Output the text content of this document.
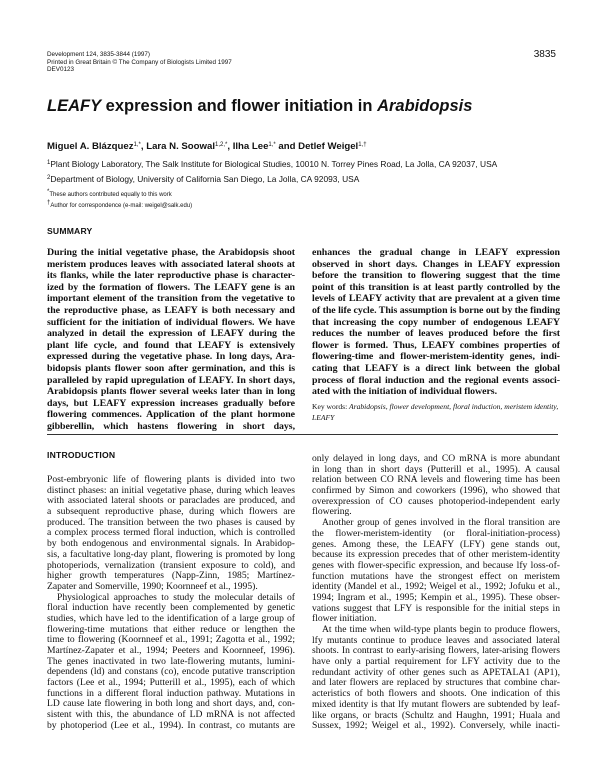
Development 124, 3835-3844 (1997)
Printed in Great Britain © The Company of Biologists Limited 1997
DEV0123
3835
LEAFY expression and flower initiation in Arabidopsis
Miguel A. Blázquez$^{1,*}$, Lara N. Soowal$^{1,2,*}$, Ilha Lee$^{1,*}$ and Detlef Weigel$^{1,\dagger}$
$^1$Plant Biology Laboratory, The Salk Institute for Biological Studies, 10010 N. Torrey Pines Road, La Jolla, CA 92037, USA
$^2$Department of Biology, University of California San Diego, La Jolla, CA 92093, USA
*These authors contributed equally to this work
†Author for correspondence (e-mail: weigel@salk.edu)
SUMMARY
During the initial vegetative phase, the Arabidopsis shoot
meristem produces leaves with associated lateral shoots at
its flanks, while the later reproductive phase is character-
ized by the formation of flowers. The LEAFY gene is an
important element of the transition from the vegetative to
the reproductive phase, as LEAFY is both necessary and
sufficient for the initiation of individual flowers. We have
analyzed in detail the expression of LEAFY during the
plant life cycle, and found that LEAFY is extensively
expressed during the vegetative phase. In long days, Ara-
bidopsis plants flower soon after germination, and this is
paralleled by rapid upregulation of LEAFY. In short days,
Arabidopsis plants flower several weeks later than in long
days, but LEAFY expression increases gradually before
flowering commences. Application of the plant hormone
gibberellin, which hastens flowering in short days,
enhances the gradual change in LEAFY expression
observed in short days. Changes in LEAFY expression
before the transition to flowering suggest that the time
point of this transition is at least partly controlled by the
levels of LEAFY activity that are prevalent at a given time
of the life cycle. This assumption is borne out by the finding
that increasing the copy number of endogenous LEAFY
reduces the number of leaves produced before the first
flower is formed. Thus, LEAFY combines properties of
flowering-time and flower-meristem-identity genes, indi-
cating that LEAFY is a direct link between the global
process of floral induction and the regional events associ-
ated with the initiation of individual flowers.
Key words: Arabidopsis, flower development, floral induction, meristem identity, LEAFY
INTRODUCTION
Post-embryonic life of flowering plants is divided into two
distinct phases: an initial vegetative phase, during which leaves
with associated lateral shoots or paraclades are produced, and
a subsequent reproductive phase, during which flowers are
produced. The transition between the two phases is caused by
a complex process termed floral induction, which is controlled
by both endogenous and environmental signals. In Arabidop-
sis, a facultative long-day plant, flowering is promoted by long
photoperiods, vernalization (transient exposure to cold), and
higher growth temperatures (Napp-Zinn, 1985; Martínez-
Zapater and Somerville, 1990; Koornneef et al., 1995).
Physiological approaches to study the molecular details of
floral induction have recently been complemented by genetic
studies, which have led to the identification of a large group of
flowering-time mutations that either reduce or lengthen the
time to flowering (Koornneef et al., 1991; Zagotta et al., 1992;
Martínez-Zapater et al., 1994; Peeters and Koornneef, 1996).
The genes inactivated in two late-flowering mutants, lumini-
dependens (ld) and constans (co), encode putative transcription
factors (Lee et al., 1994; Putterill et al., 1995), each of which
functions in a different floral induction pathway. Mutations in
LD cause late flowering in both long and short days, and, con-
sistent with this, the abundance of LD mRNA is not affected
by photoperiod (Lee et al., 1994). In contrast, co mutants are
only delayed in long days, and CO mRNA is more abundant
in long than in short days (Putterill et al., 1995). A causal
relation between CO RNA levels and flowering time has been
confirmed by Simon and coworkers (1996), who showed that
overexpression of CO causes photoperiod-independent early
flowering.
Another group of genes involved in the floral transition are
the flower-meristem-identity (or floral-initiation-process)
genes. Among these, the LEAFY (LFY) gene stands out,
because its expression precedes that of other meristem-identity
genes with flower-specific expression, and because lfy loss-of-
function mutations have the strongest effect on meristem
identity (Mandel et al., 1992; Weigel et al., 1992; Jofuku et al.,
1994; Ingram et al., 1995; Kempin et al., 1995). These obser-
vations suggest that LFY is responsible for the initial steps in
flower initiation.
At the time when wild-type plants begin to produce flowers,
lfy mutants continue to produce leaves and associated lateral
shoots. In contrast to early-arising flowers, later-arising flowers
have only a partial requirement for LFY activity due to the
redundant activity of other genes such as APETALA1 (AP1),
and later flowers are replaced by structures that combine char-
acteristics of both flowers and shoots. One indication of this
mixed identity is that lfy mutant flowers are subtended by leaf-
like organs, or bracts (Schultz and Haughn, 1991; Huala and
Sussex, 1992; Weigel et al., 1992). Conversely, while inacti-
